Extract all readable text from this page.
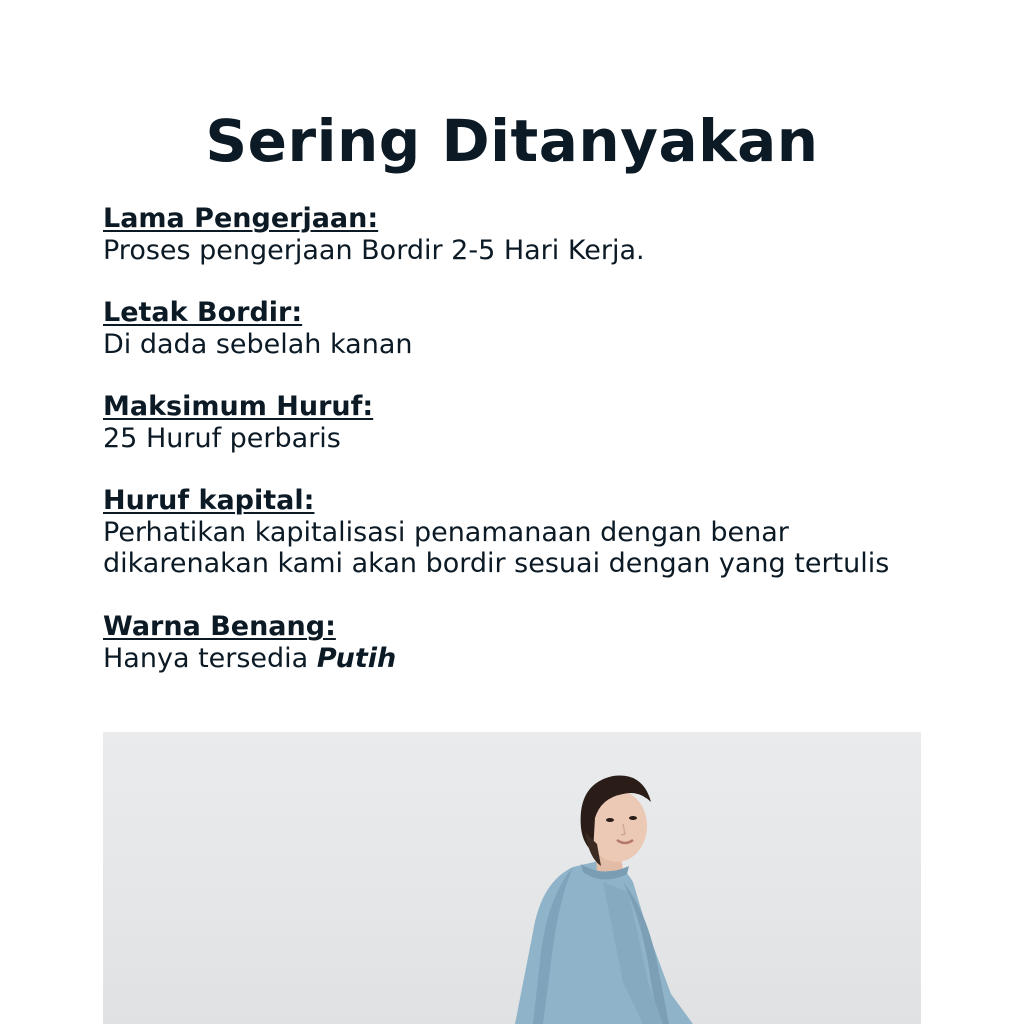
Sering Ditanyakan
Lama Pengerjaan:
Proses pengerjaan Bordir 2-5 Hari Kerja.
Letak Bordir:
Di dada sebelah kanan
Maksimum Huruf:
25 Huruf perbaris
Huruf kapital:
Perhatikan kapitalisasi penamanaan dengan benar
dikarenakan kami akan bordir sesuai dengan yang tertulis
Warna Benang:
Hanya tersedia Putih
